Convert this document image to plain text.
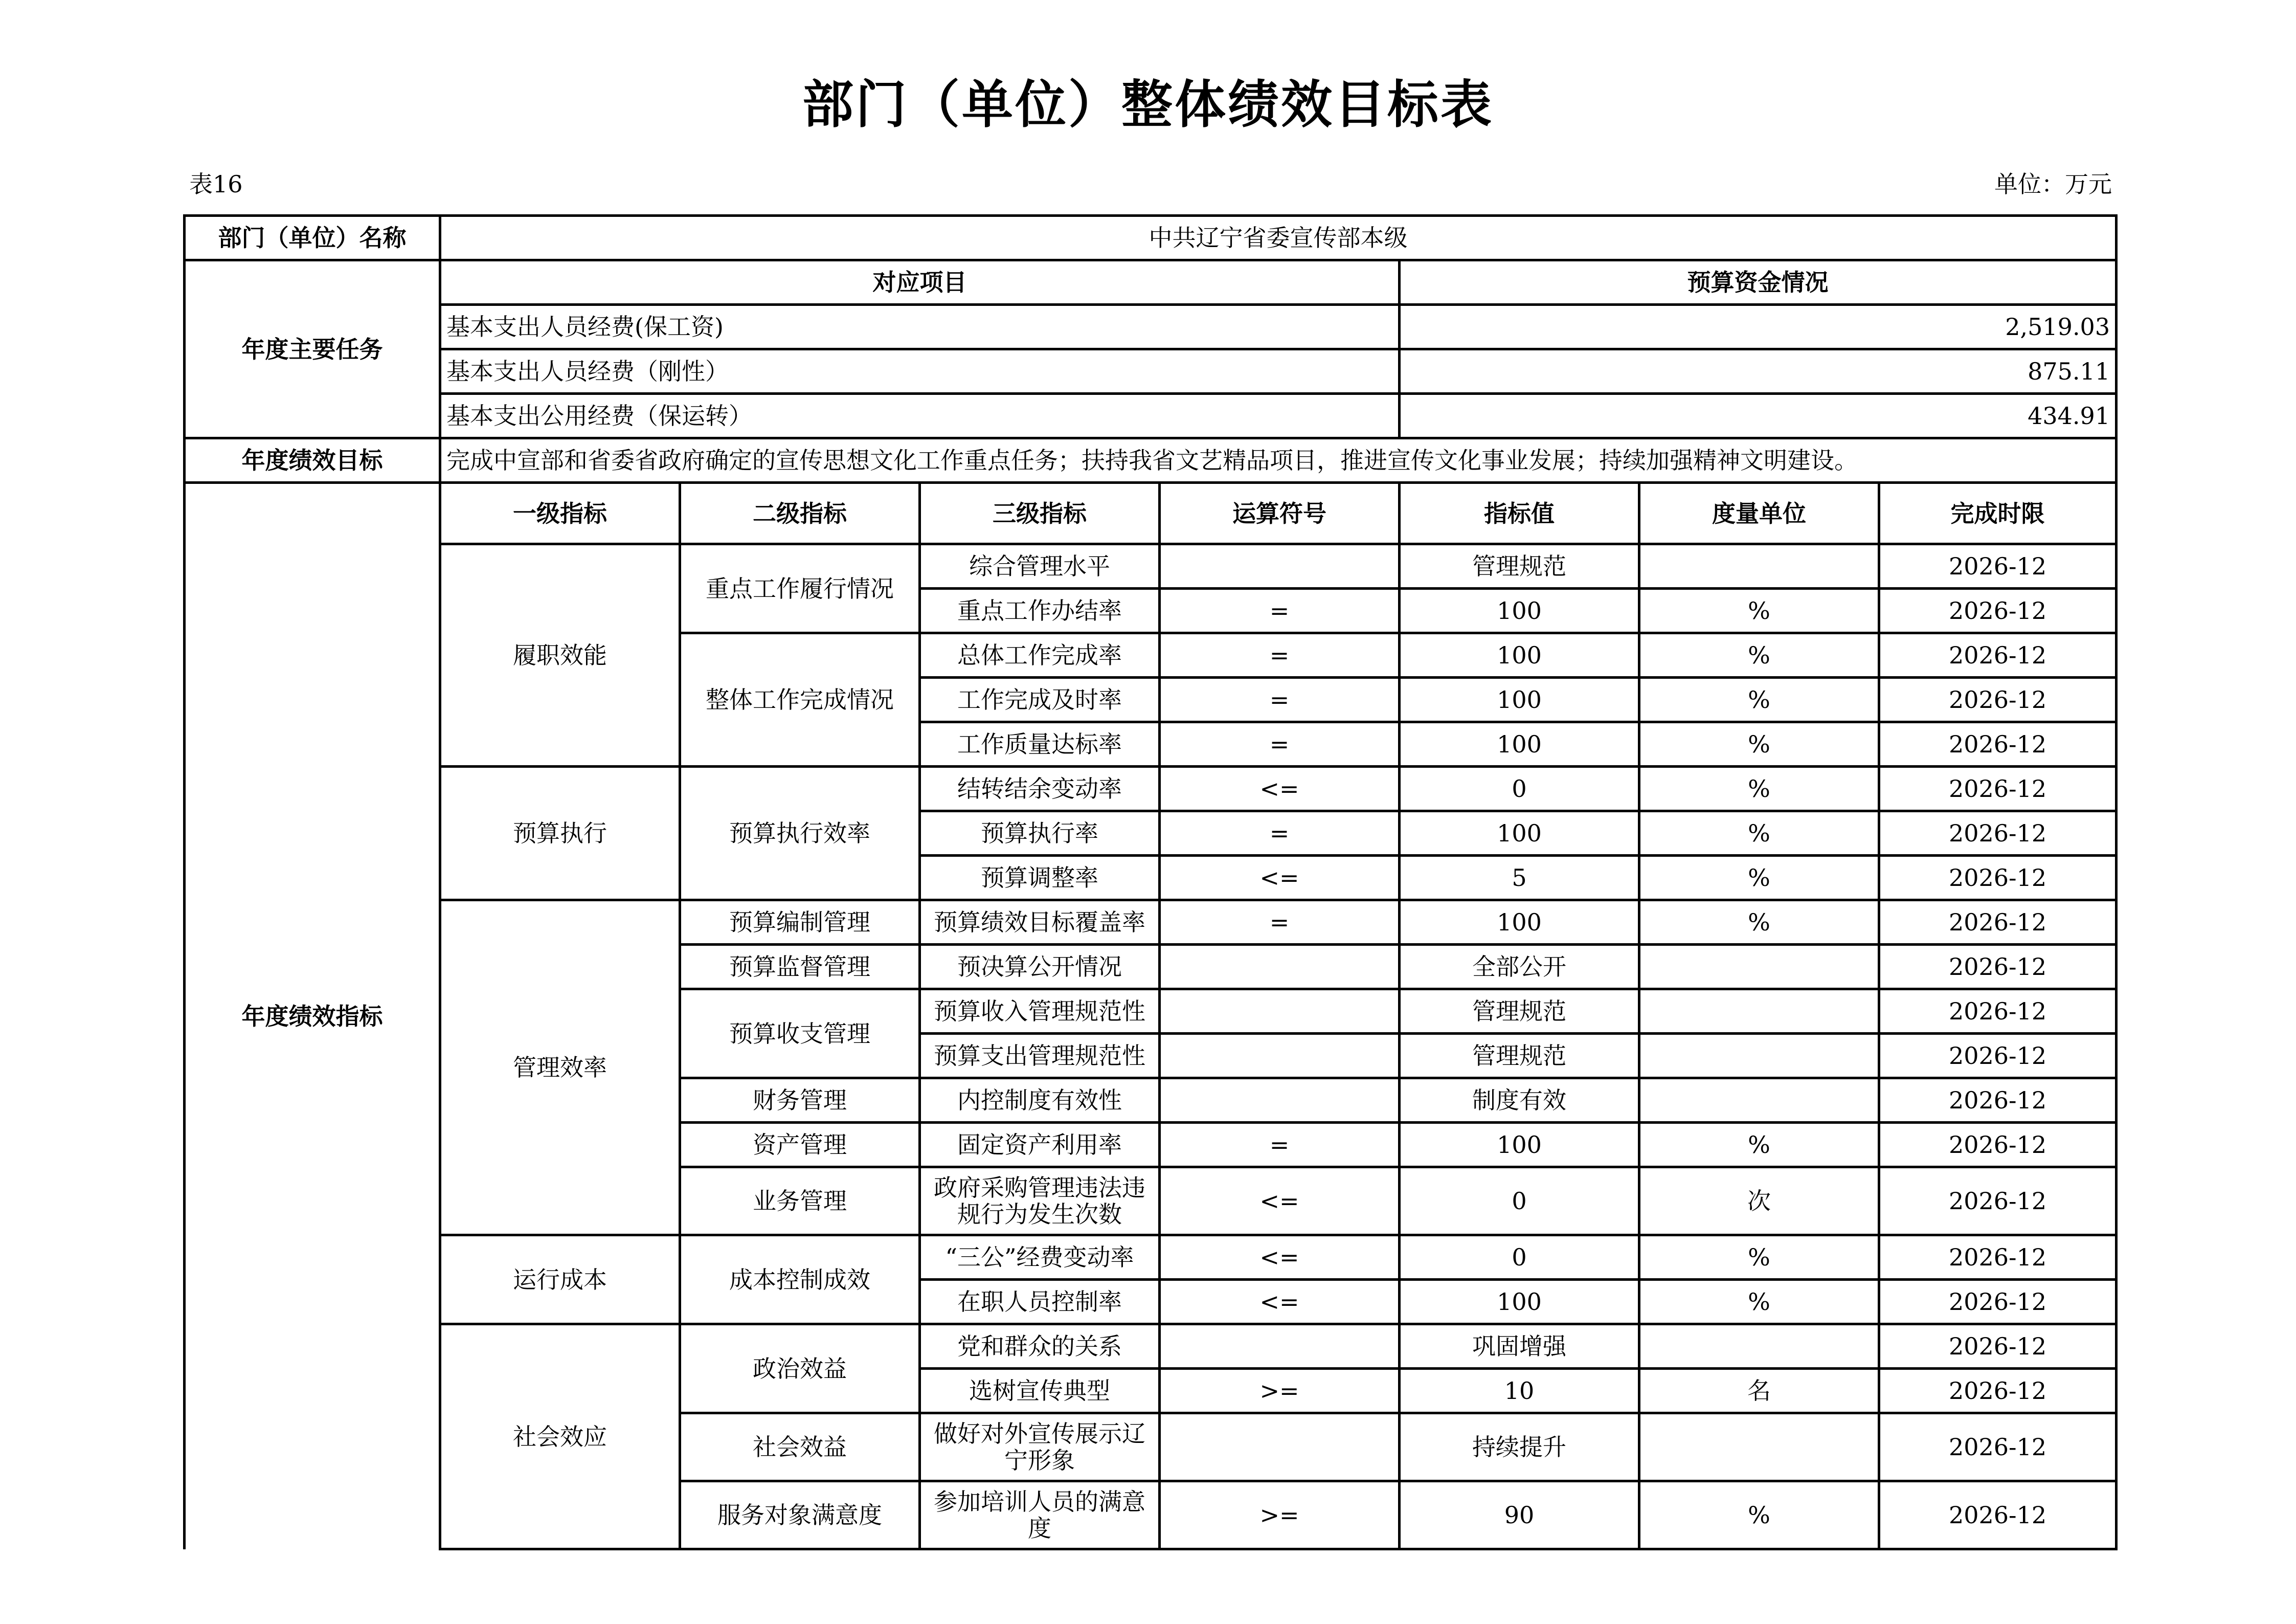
部门（单位）整体绩效目标表
表16	单位：万元
部门（单位）名称	中共辽宁省委宣传部本级						
年度主要任务	对应项目				预算资金情况		
	基本支出人员经费(保工资)				2,519.03		
	基本支出人员经费（刚性）				875.11		
	基本支出公用经费（保运转）				434.91		
年度绩效目标	完成中宣部和省委省政府确定的宣传思想文化工作重点任务；扶持我省文艺精品项目，推进宣传文化事业发展；持续加强精神文明建设。						
年度绩效指标	一级指标	二级指标	三级指标	运算符号	指标值	度量单位	完成时限
	履职效能	重点工作履行情况	综合管理水平		管理规范		2026-12
			重点工作办结率	=	100	%	2026-12
		整体工作完成情况	总体工作完成率	=	100	%	2026-12
			工作完成及时率	=	100	%	2026-12
			工作质量达标率	=	100	%	2026-12
	预算执行	预算执行效率	结转结余变动率	<=	0	%	2026-12
			预算执行率	=	100	%	2026-12
			预算调整率	<=	5	%	2026-12
	管理效率	预算编制管理	预算绩效目标覆盖率	=	100	%	2026-12
		预算监督管理	预决算公开情况		全部公开		2026-12
		预算收支管理	预算收入管理规范性		管理规范		2026-12
			预算支出管理规范性		管理规范		2026-12
		财务管理	内控制度有效性		制度有效		2026-12
		资产管理	固定资产利用率	=	100	%	2026-12
		业务管理	政府采购管理违法违规行为发生次数	<=	0	次	2026-12
	运行成本	成本控制成效	“三公”经费变动率	<=	0	%	2026-12
			在职人员控制率	<=	100	%	2026-12
	社会效应	政治效益	党和群众的关系		巩固增强		2026-12
			选树宣传典型	>=	10	名	2026-12
		社会效益	做好对外宣传展示辽宁形象		持续提升		2026-12
		服务对象满意度	参加培训人员的满意度	>=	90	%	2026-12
